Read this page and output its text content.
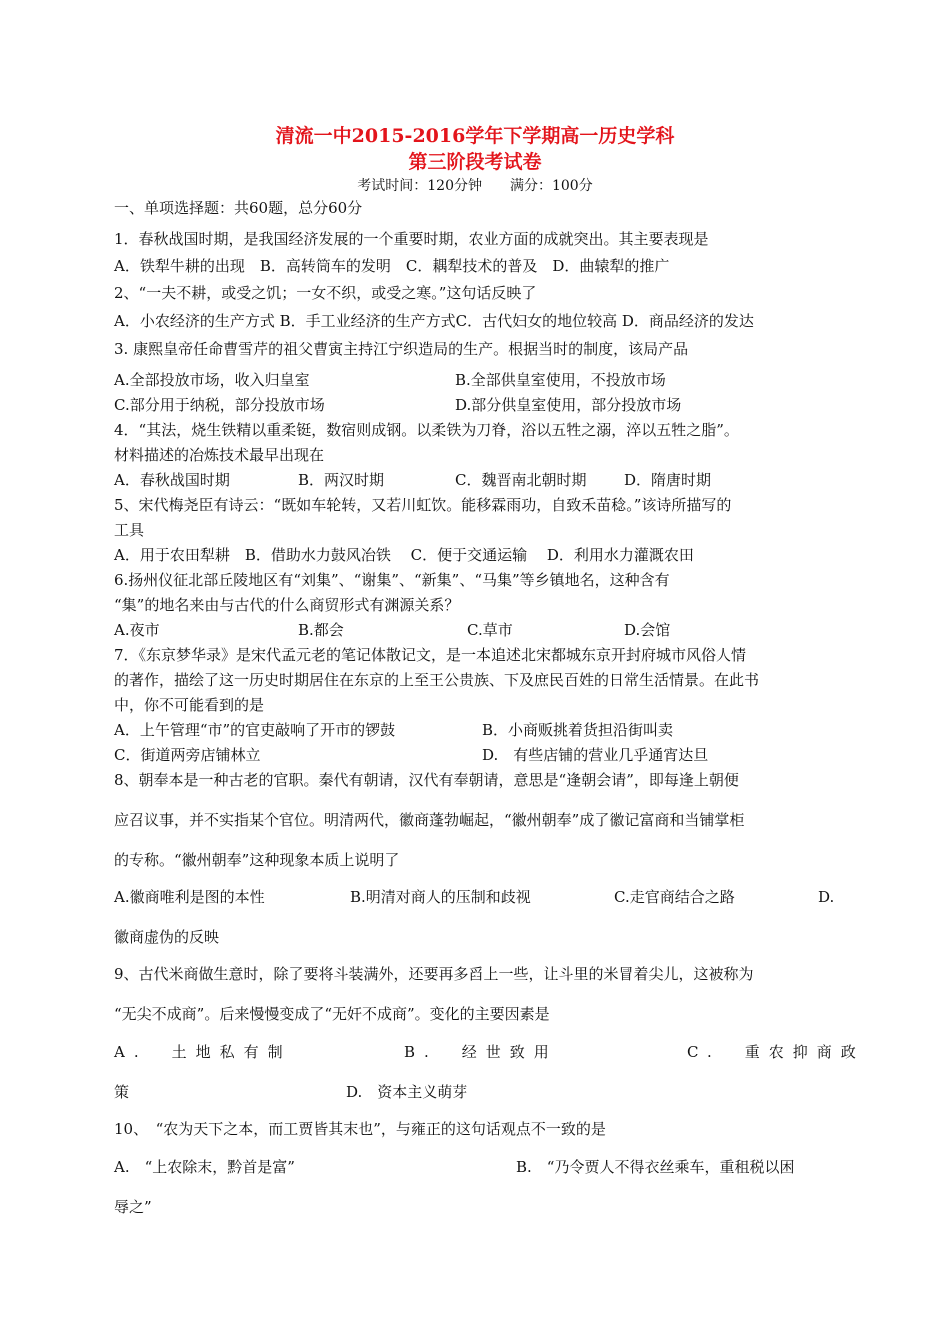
清流一中2015-2016学年下学期高一历史学科
第三阶段考试卷
考试时间：120分钟　　满分：100分
一、单项选择题：共60题，总分60分
1．春秋战国时期，是我国经济发展的一个重要时期，农业方面的成就突出。其主要表现是
A．铁犁牛耕的出现　B．高转筒车的发明　C．耦犁技术的普及　D．曲辕犁的推广
2、“一夫不耕，或受之饥；一女不织，或受之寒。”这句话反映了
A．小农经济的生产方式 B．手工业经济的生产方式C．古代妇女的地位较高 D．商品经济的发达
3. 康熙皇帝任命曹雪芹的祖父曹寅主持江宁织造局的生产。根据当时的制度，该局产品
A.全部投放市场，收入归皇室	B.全部供皇室使用，不投放市场
C.部分用于纳税，部分投放市场	D.部分供皇室使用，部分投放市场
4．“其法，烧生铁精以重柔铤，数宿则成钢。以柔铁为刀脊，浴以五牲之溺，淬以五牲之脂”。
材料描述的冶炼技术最早出现在
A．春秋战国时期	B．两汉时期	C．魏晋南北朝时期	D．隋唐时期
5、宋代梅尧臣有诗云：“既如车轮转，又若川虹饮。能移霖雨功，自致禾苗稔。”该诗所描写的
工具
A．用于农田犁耕　B．借助水力鼓风冶铁　 C．便于交通运输　 D．利用水力灌溉农田
6.扬州仪征北部丘陵地区有“刘集”、“谢集”、“新集”、“马集”等乡镇地名，这种含有
“集”的地名来由与古代的什么商贸形式有渊源关系？
A.夜市	B.都会	C.草市	D.会馆
7．《东京梦华录》是宋代孟元老的笔记体散记文，是一本追述北宋都城东京开封府城市风俗人情
的著作，描绘了这一历史时期居住在东京的上至王公贵族、下及庶民百姓的日常生活情景。在此书
中，你不可能看到的是
A．上午管理“市”的官吏敲响了开市的锣鼓	B．小商贩挑着货担沿街叫卖
C．街道两旁店铺林立	D.　有些店铺的营业几乎通宵达旦
8、朝奉本是一种古老的官职。秦代有朝请，汉代有奉朝请，意思是“逢朝会请”，即每逢上朝便
应召议事，并不实指某个官位。明清两代，徽商蓬勃崛起，“徽州朝奉”成了徽记富商和当铺掌柜
的专称。“徽州朝奉”这种现象本质上说明了
A.徽商唯利是图的本性	B.明清对商人的压制和歧视	C.走官商结合之路	D.
徽商虚伪的反映
9、古代米商做生意时，除了要将斗装满外，还要再多舀上一些，让斗里的米冒着尖儿，这被称为
“无尖不成商”。后来慢慢变成了“无奸不成商”。变化的主要因素是
A.　土地私有制	B.　经世致用	C.　重农抑商政
策	D.　资本主义萌芽
10、　“农为天下之本，而工贾皆其末也”，与雍正的这句话观点不一致的是
A.　“上农除末，黔首是富”	B.　“乃令贾人不得衣丝乘车，重租税以困
辱之”
